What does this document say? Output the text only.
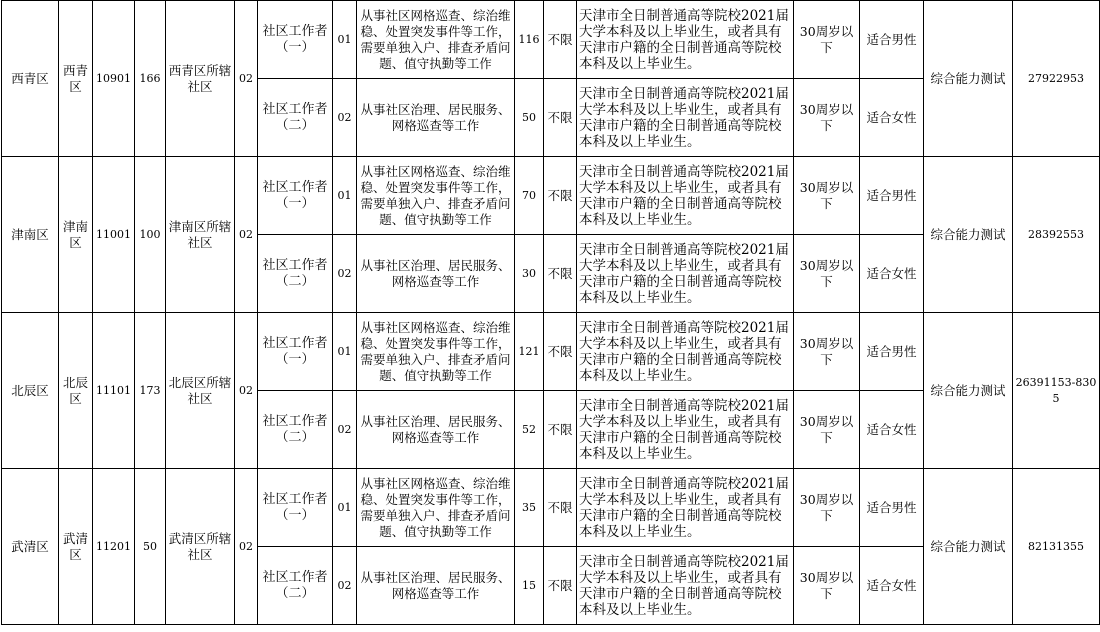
西青区	西青区	10901	166	西青区所辖社区	02	社区工作者（一）	01	从事社区网格巡查、综治维稳、处置突发事件等工作，需要单独入户、排查矛盾问题、值守执勤等工作	116	不限	天津市全日制普通高等院校2021届大学本科及以上毕业生，或者具有天津市户籍的全日制普通高等院校本科及以上毕业生。	30周岁以下	适合男性	综合能力测试	27922953
						社区工作者（二）	02	从事社区治理、居民服务、网格巡查等工作	50	不限	天津市全日制普通高等院校2021届大学本科及以上毕业生，或者具有天津市户籍的全日制普通高等院校本科及以上毕业生。	30周岁以下	适合女性		
津南区	津南区	11001	100	津南区所辖社区	02	社区工作者（一）	01	从事社区网格巡查、综治维稳、处置突发事件等工作，需要单独入户、排查矛盾问题、值守执勤等工作	70	不限	天津市全日制普通高等院校2021届大学本科及以上毕业生，或者具有天津市户籍的全日制普通高等院校本科及以上毕业生。	30周岁以下	适合男性	综合能力测试	28392553
						社区工作者（二）	02	从事社区治理、居民服务、网格巡查等工作	30	不限	天津市全日制普通高等院校2021届大学本科及以上毕业生，或者具有天津市户籍的全日制普通高等院校本科及以上毕业生。	30周岁以下	适合女性		
北辰区	北辰区	11101	173	北辰区所辖社区	02	社区工作者（一）	01	从事社区网格巡查、综治维稳、处置突发事件等工作，需要单独入户、排查矛盾问题、值守执勤等工作	121	不限	天津市全日制普通高等院校2021届大学本科及以上毕业生，或者具有天津市户籍的全日制普通高等院校本科及以上毕业生。	30周岁以下	适合男性	综合能力测试	26391153-8305
						社区工作者（二）	02	从事社区治理、居民服务、网格巡查等工作	52	不限	天津市全日制普通高等院校2021届大学本科及以上毕业生，或者具有天津市户籍的全日制普通高等院校本科及以上毕业生。	30周岁以下	适合女性		
武清区	武清区	11201	50	武清区所辖社区	02	社区工作者（一）	01	从事社区网格巡查、综治维稳、处置突发事件等工作，需要单独入户、排查矛盾问题、值守执勤等工作	35	不限	天津市全日制普通高等院校2021届大学本科及以上毕业生，或者具有天津市户籍的全日制普通高等院校本科及以上毕业生。	30周岁以下	适合男性	综合能力测试	82131355
						社区工作者（二）	02	从事社区治理、居民服务、网格巡查等工作	15	不限	天津市全日制普通高等院校2021届大学本科及以上毕业生，或者具有天津市户籍的全日制普通高等院校本科及以上毕业生。	30周岁以下	适合女性		
